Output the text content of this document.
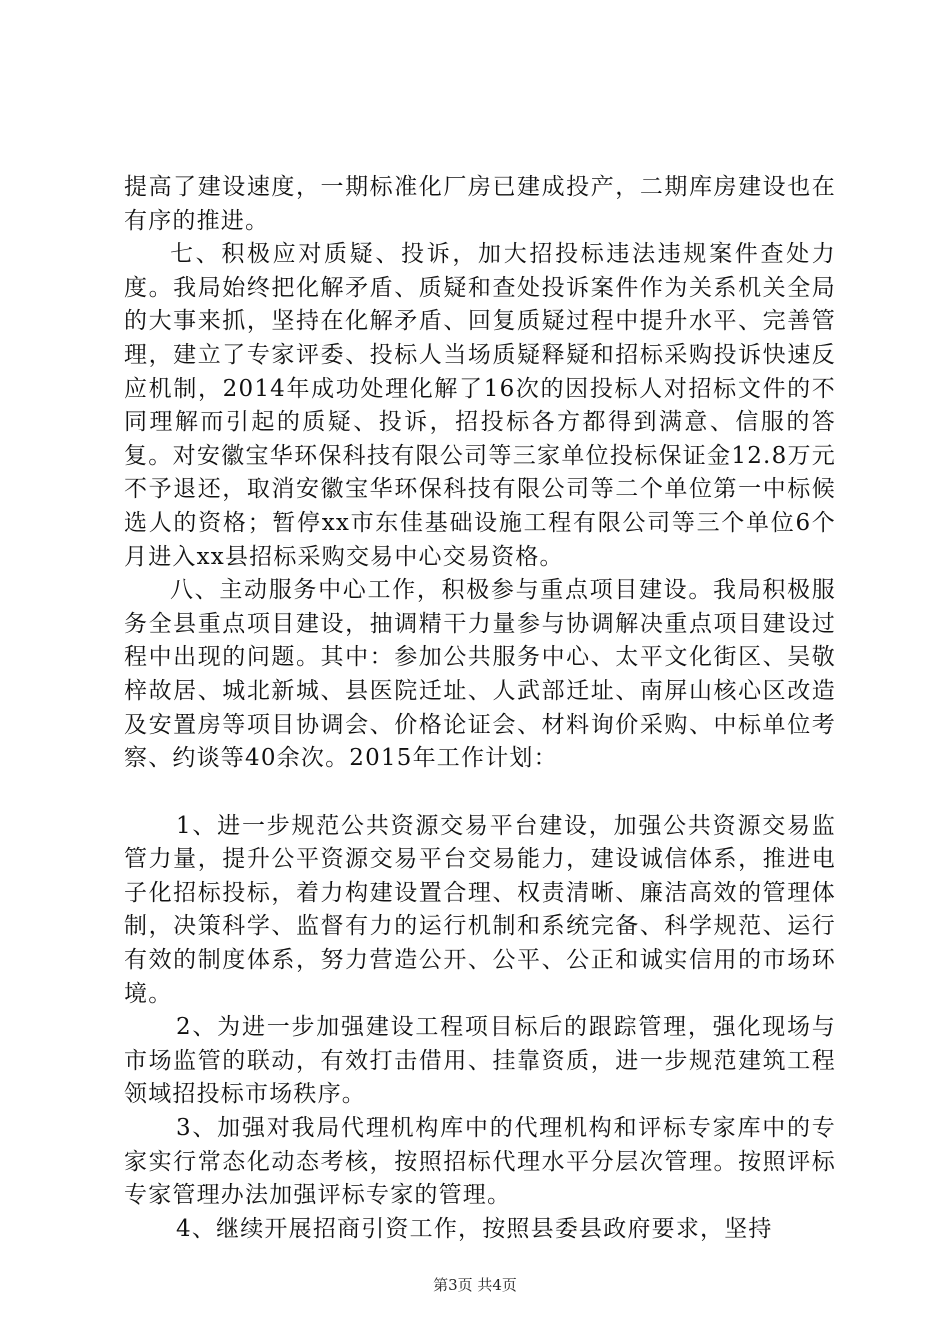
提高了建设速度，一期标准化厂房已建成投产，二期库房建设也在有序的推进。

七、积极应对质疑、投诉，加大招投标违法违规案件查处力度。我局始终把化解矛盾、质疑和查处投诉案件作为关系机关全局的大事来抓，坚持在化解矛盾、回复质疑过程中提升水平、完善管理，建立了专家评委、投标人当场质疑释疑和招标采购投诉快速反应机制，2014年成功处理化解了16次的因投标人对招标文件的不同理解而引起的质疑、投诉，招投标各方都得到满意、信服的答复。对安徽宝华环保科技有限公司等三家单位投标保证金12.8万元不予退还，取消安徽宝华环保科技有限公司等二个单位第一中标候选人的资格；暂停xx市东佳基础设施工程有限公司等三个单位6个月进入xx县招标采购交易中心交易资格。

八、主动服务中心工作，积极参与重点项目建设。我局积极服务全县重点项目建设，抽调精干力量参与协调解决重点项目建设过程中出现的问题。其中：参加公共服务中心、太平文化街区、吴敬梓故居、城北新城、县医院迁址、人武部迁址、南屏山核心区改造及安置房等项目协调会、价格论证会、材料询价采购、中标单位考察、约谈等40余次。2015年工作计划：

1、进一步规范公共资源交易平台建设，加强公共资源交易监管力量，提升公平资源交易平台交易能力，建设诚信体系，推进电子化招标投标，着力构建设置合理、权责清晰、廉洁高效的管理体制，决策科学、监督有力的运行机制和系统完备、科学规范、运行有效的制度体系，努力营造公开、公平、公正和诚实信用的市场环境。

2、为进一步加强建设工程项目标后的跟踪管理，强化现场与市场监管的联动，有效打击借用、挂靠资质，进一步规范建筑工程领域招投标市场秩序。

3、加强对我局代理机构库中的代理机构和评标专家库中的专家实行常态化动态考核，按照招标代理水平分层次管理。按照评标专家管理办法加强评标专家的管理。

4、继续开展招商引资工作，按照县委县政府要求，坚持

第3页 共4页
